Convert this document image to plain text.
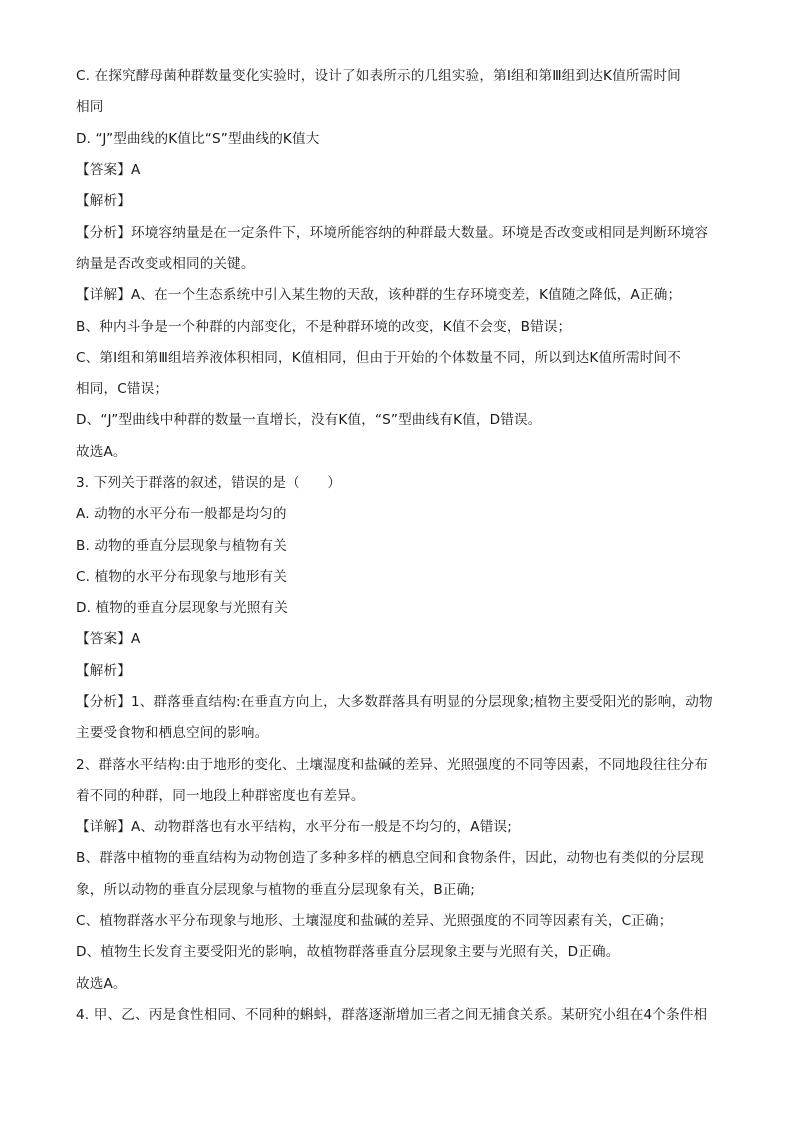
C. 在探究酵母菌种群数量变化实验时，设计了如表所示的几组实验，第Ⅰ组和第Ⅲ组到达K值所需时间
相同
D. “J”型曲线的K值比“S”型曲线的K值大
【答案】A
【解析】
【分析】环境容纳量是在一定条件下，环境所能容纳的种群最大数量。环境是否改变或相同是判断环境容
纳量是否改变或相同的关键。
【详解】A、在一个生态系统中引入某生物的天敌，该种群的生存环境变差，K值随之降低，A正确；
B、种内斗争是一个种群的内部变化，不是种群环境的改变，K值不会变，B错误；
C、第Ⅰ组和第Ⅲ组培养液体积相同，K值相同，但由于开始的个体数量不同，所以到达K值所需时间不
相同，C错误；
D、“J”型曲线中种群的数量一直增长，没有K值，“S”型曲线有K值，D错误。
故选A。
3. 下列关于群落的叙述，错误的是（　　）
A. 动物的水平分布一般都是均匀的
B. 动物的垂直分层现象与植物有关
C. 植物的水平分布现象与地形有关
D. 植物的垂直分层现象与光照有关
【答案】A
【解析】
【分析】1、群落垂直结构:在垂直方向上，大多数群落具有明显的分层现象;植物主要受阳光的影响，动物
主要受食物和栖息空间的影响。
2、群落水平结构:由于地形的变化、土壤湿度和盐碱的差异、光照强度的不同等因素，不同地段往往分布
着不同的种群，同一地段上种群密度也有差异。
【详解】A、动物群落也有水平结构，水平分布一般是不均匀的，A错误;
B、群落中植物的垂直结构为动物创造了多种多样的栖息空间和食物条件，因此，动物也有类似的分层现
象，所以动物的垂直分层现象与植物的垂直分层现象有关，B正确;
C、植物群落水平分布现象与地形、土壤湿度和盐碱的差异、光照强度的不同等因素有关，C正确；
D、植物生长发育主要受阳光的影响，故植物群落垂直分层现象主要与光照有关，D正确。
故选A。
4. 甲、乙、丙是食性相同、不同种的蝌蚪，群落逐渐增加三者之间无捕食关系。某研究小组在4个条件相
